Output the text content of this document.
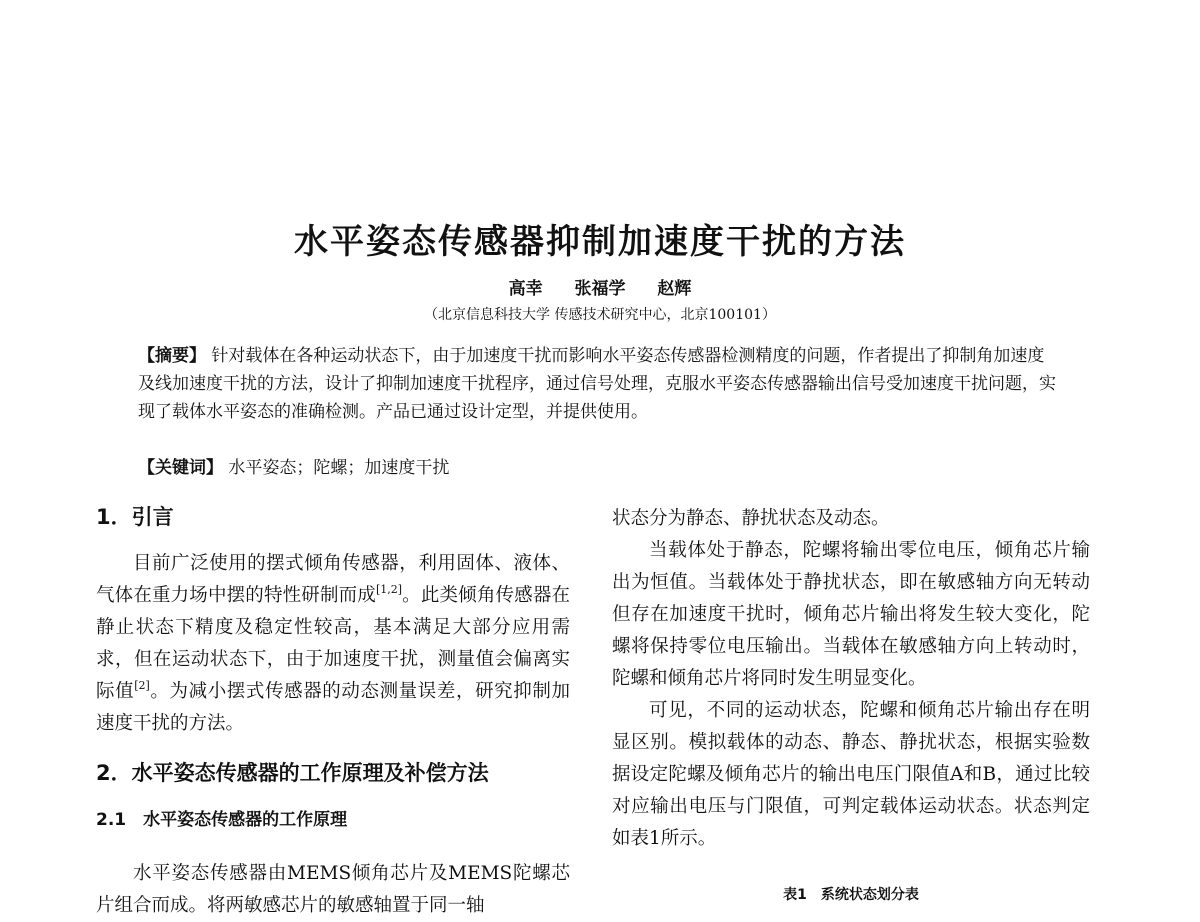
水平姿态传感器抑制加速度干扰的方法
高幸 张福学 赵辉
（北京信息科技大学 传感技术研究中心，北京100101）
【摘要】 针对载体在各种运动状态下，由于加速度干扰而影响水平姿态传感器检测精度的问题，作者提出了抑制角加速度及线加速度干扰的方法，设计了抑制加速度干扰程序，通过信号处理，克服水平姿态传感器输出信号受加速度干扰问题，实现了载体水平姿态的准确检测。产品已通过设计定型，并提供使用。
【关键词】 水平姿态；陀螺；加速度干扰
1．引言

目前广泛使用的摆式倾角传感器，利用固体、液体、气体在重力场中摆的特性研制而成[1,2]。此类倾角传感器在静止状态下精度及稳定性较高，基本满足大部分应用需求，但在运动状态下，由于加速度干扰，测量值会偏离实际值[2]。为减小摆式传感器的动态测量误差，研究抑制加速度干扰的方法。

2．水平姿态传感器的工作原理及补偿方法
2.1　水平姿态传感器的工作原理

水平姿态传感器由MEMS倾角芯片及MEMS陀螺芯片组合而成。将两敏感芯片的敏感轴置于同一轴

状态分为静态、静扰状态及动态。

当载体处于静态，陀螺将输出零位电压，倾角芯片输出为恒值。当载体处于静扰状态，即在敏感轴方向无转动但存在加速度干扰时，倾角芯片输出将发生较大变化，陀螺将保持零位电压输出。当载体在敏感轴方向上转动时，陀螺和倾角芯片将同时发生明显变化。

可见，不同的运动状态，陀螺和倾角芯片输出存在明显区别。模拟载体的动态、静态、静扰状态，根据实验数据设定陀螺及倾角芯片的输出电压门限值A和B，通过比较对应输出电压与门限值，可判定载体运动状态。状态判定如表1所示。

表1　系统状态划分表
